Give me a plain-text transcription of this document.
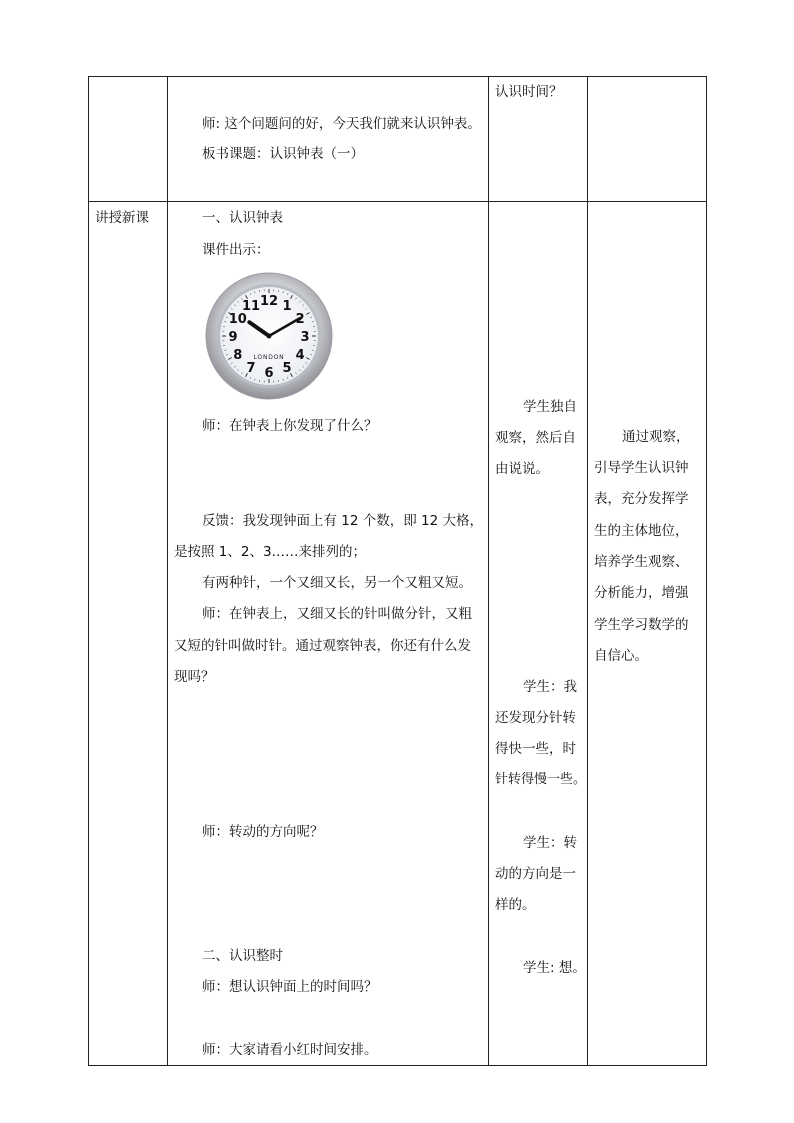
认识时间？
师: 这个问题问的好，今天我们就来认识钟表。
板书课题：认识钟表（一）
讲授新课	一、认识钟表
课件出示：
12 1
2
3
4
5
6
7
8
9
10
11
LONDON
师：在钟表上你发现了什么？
反馈：我发现钟面上有 12 个数，即 12 大格，
是按照 1、2、3……来排列的；
有两种针，一个又细又长，另一个又粗又短。
师：在钟表上，又细又长的针叫做分针，又粗
又短的针叫做时针。通过观察钟表，你还有什么发
现吗？
师：转动的方向呢？
二、认识整时
师：想认识钟面上的时间吗？
师：大家请看小红时间安排。
学生独自
观察，然后自
由说说。
学生：我
还发现分针转
得快一些，时
针转得慢一些。
学生：转
动的方向是一
样的。
学生: 想。
通过观察，
引导学生认识钟
表，充分发挥学
生的主体地位，
培养学生观察、
分析能力，增强
学生学习数学的
自信心。
